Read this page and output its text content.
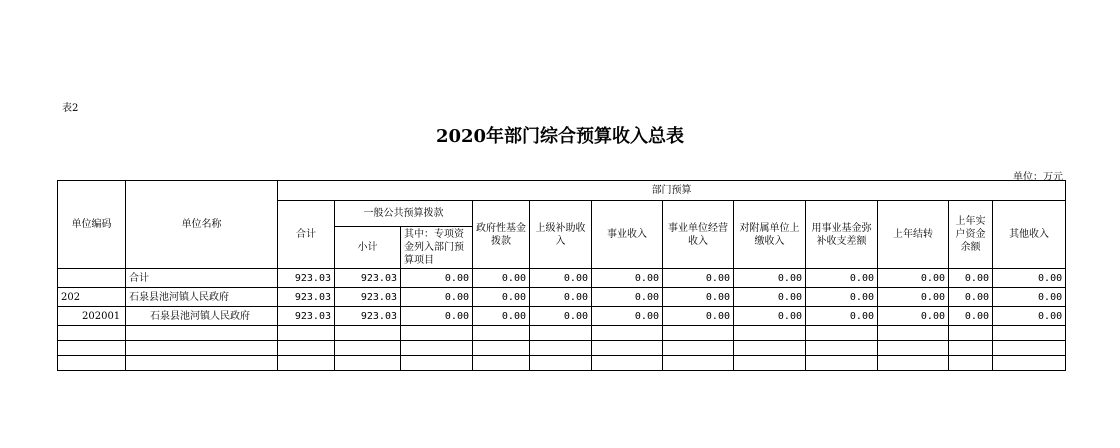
表2
2020年部门综合预算收入总表
单位：万元
单位编码	单位名称	部门预算											
		合计	一般公共预算拨款		政府性基金拨款	上级补助收入	事业收入	事业单位经营收入	对附属单位上缴收入	用事业基金弥补收支差额	上年结转	上年实户资金余额	其他收入
			小计	其中：专项资金列入部门预算项目									
	合计	923.03	923.03	0.00	0.00	0.00	0.00	0.00	0.00	0.00	0.00	0.00	0.00
202	石泉县池河镇人民政府	923.03	923.03	0.00	0.00	0.00	0.00	0.00	0.00	0.00	0.00	0.00	0.00
202001	石泉县池河镇人民政府	923.03	923.03	0.00	0.00	0.00	0.00	0.00	0.00	0.00	0.00	0.00	0.00
